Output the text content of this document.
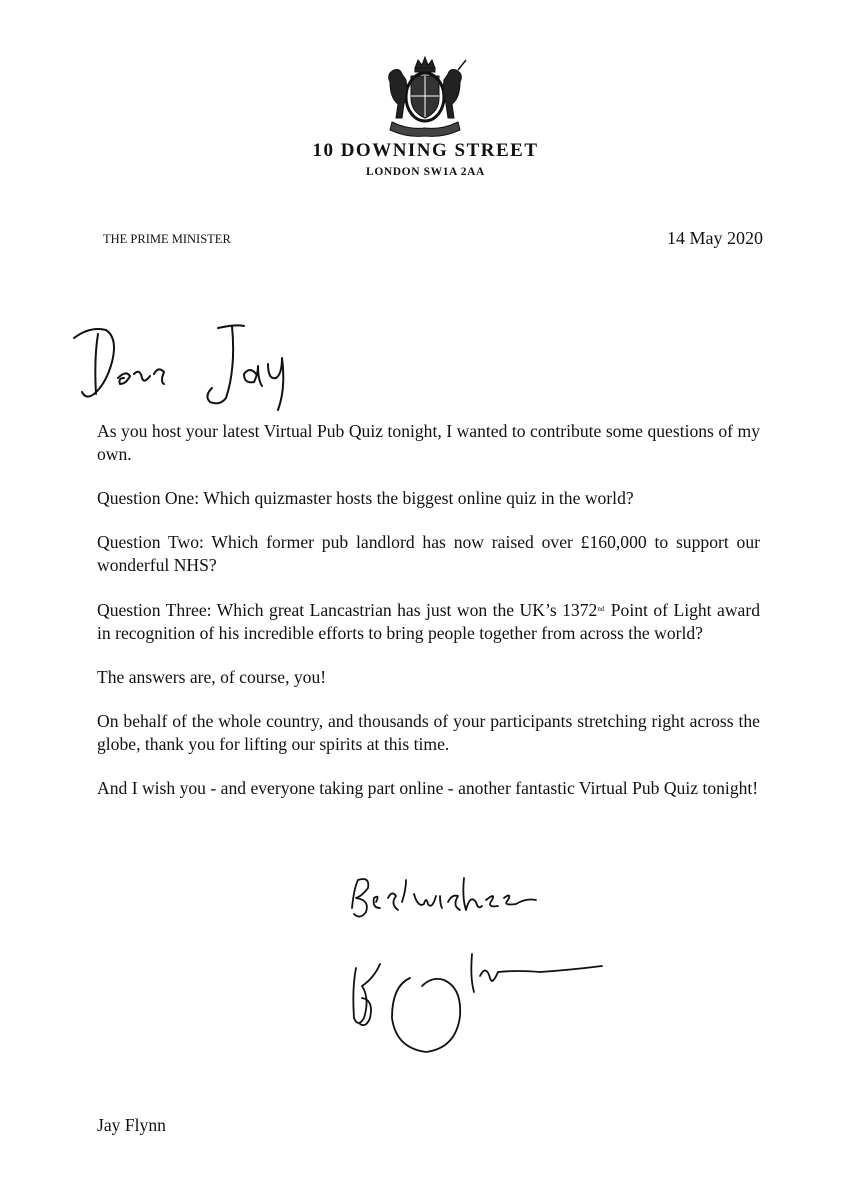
10 DOWNING STREET
LONDON SW1A 2AA
THE PRIME MINISTER	14 May 2020

As you host your latest Virtual Pub Quiz tonight, I wanted to contribute some questions of my own.

Question One: Which quizmaster hosts the biggest online quiz in the world?

Question Two: Which former pub landlord has now raised over £160,000 to support our wonderful NHS?

Question Three: Which great Lancastrian has just won the UK’s 1372nd Point of Light award in recognition of his incredible efforts to bring people together from across the world?

The answers are, of course, you!

On behalf of the whole country, and thousands of your participants stretching right across the globe, thank you for lifting our spirits at this time.

And I wish you - and everyone taking part online - another fantastic Virtual Pub Quiz tonight!

Jay Flynn
